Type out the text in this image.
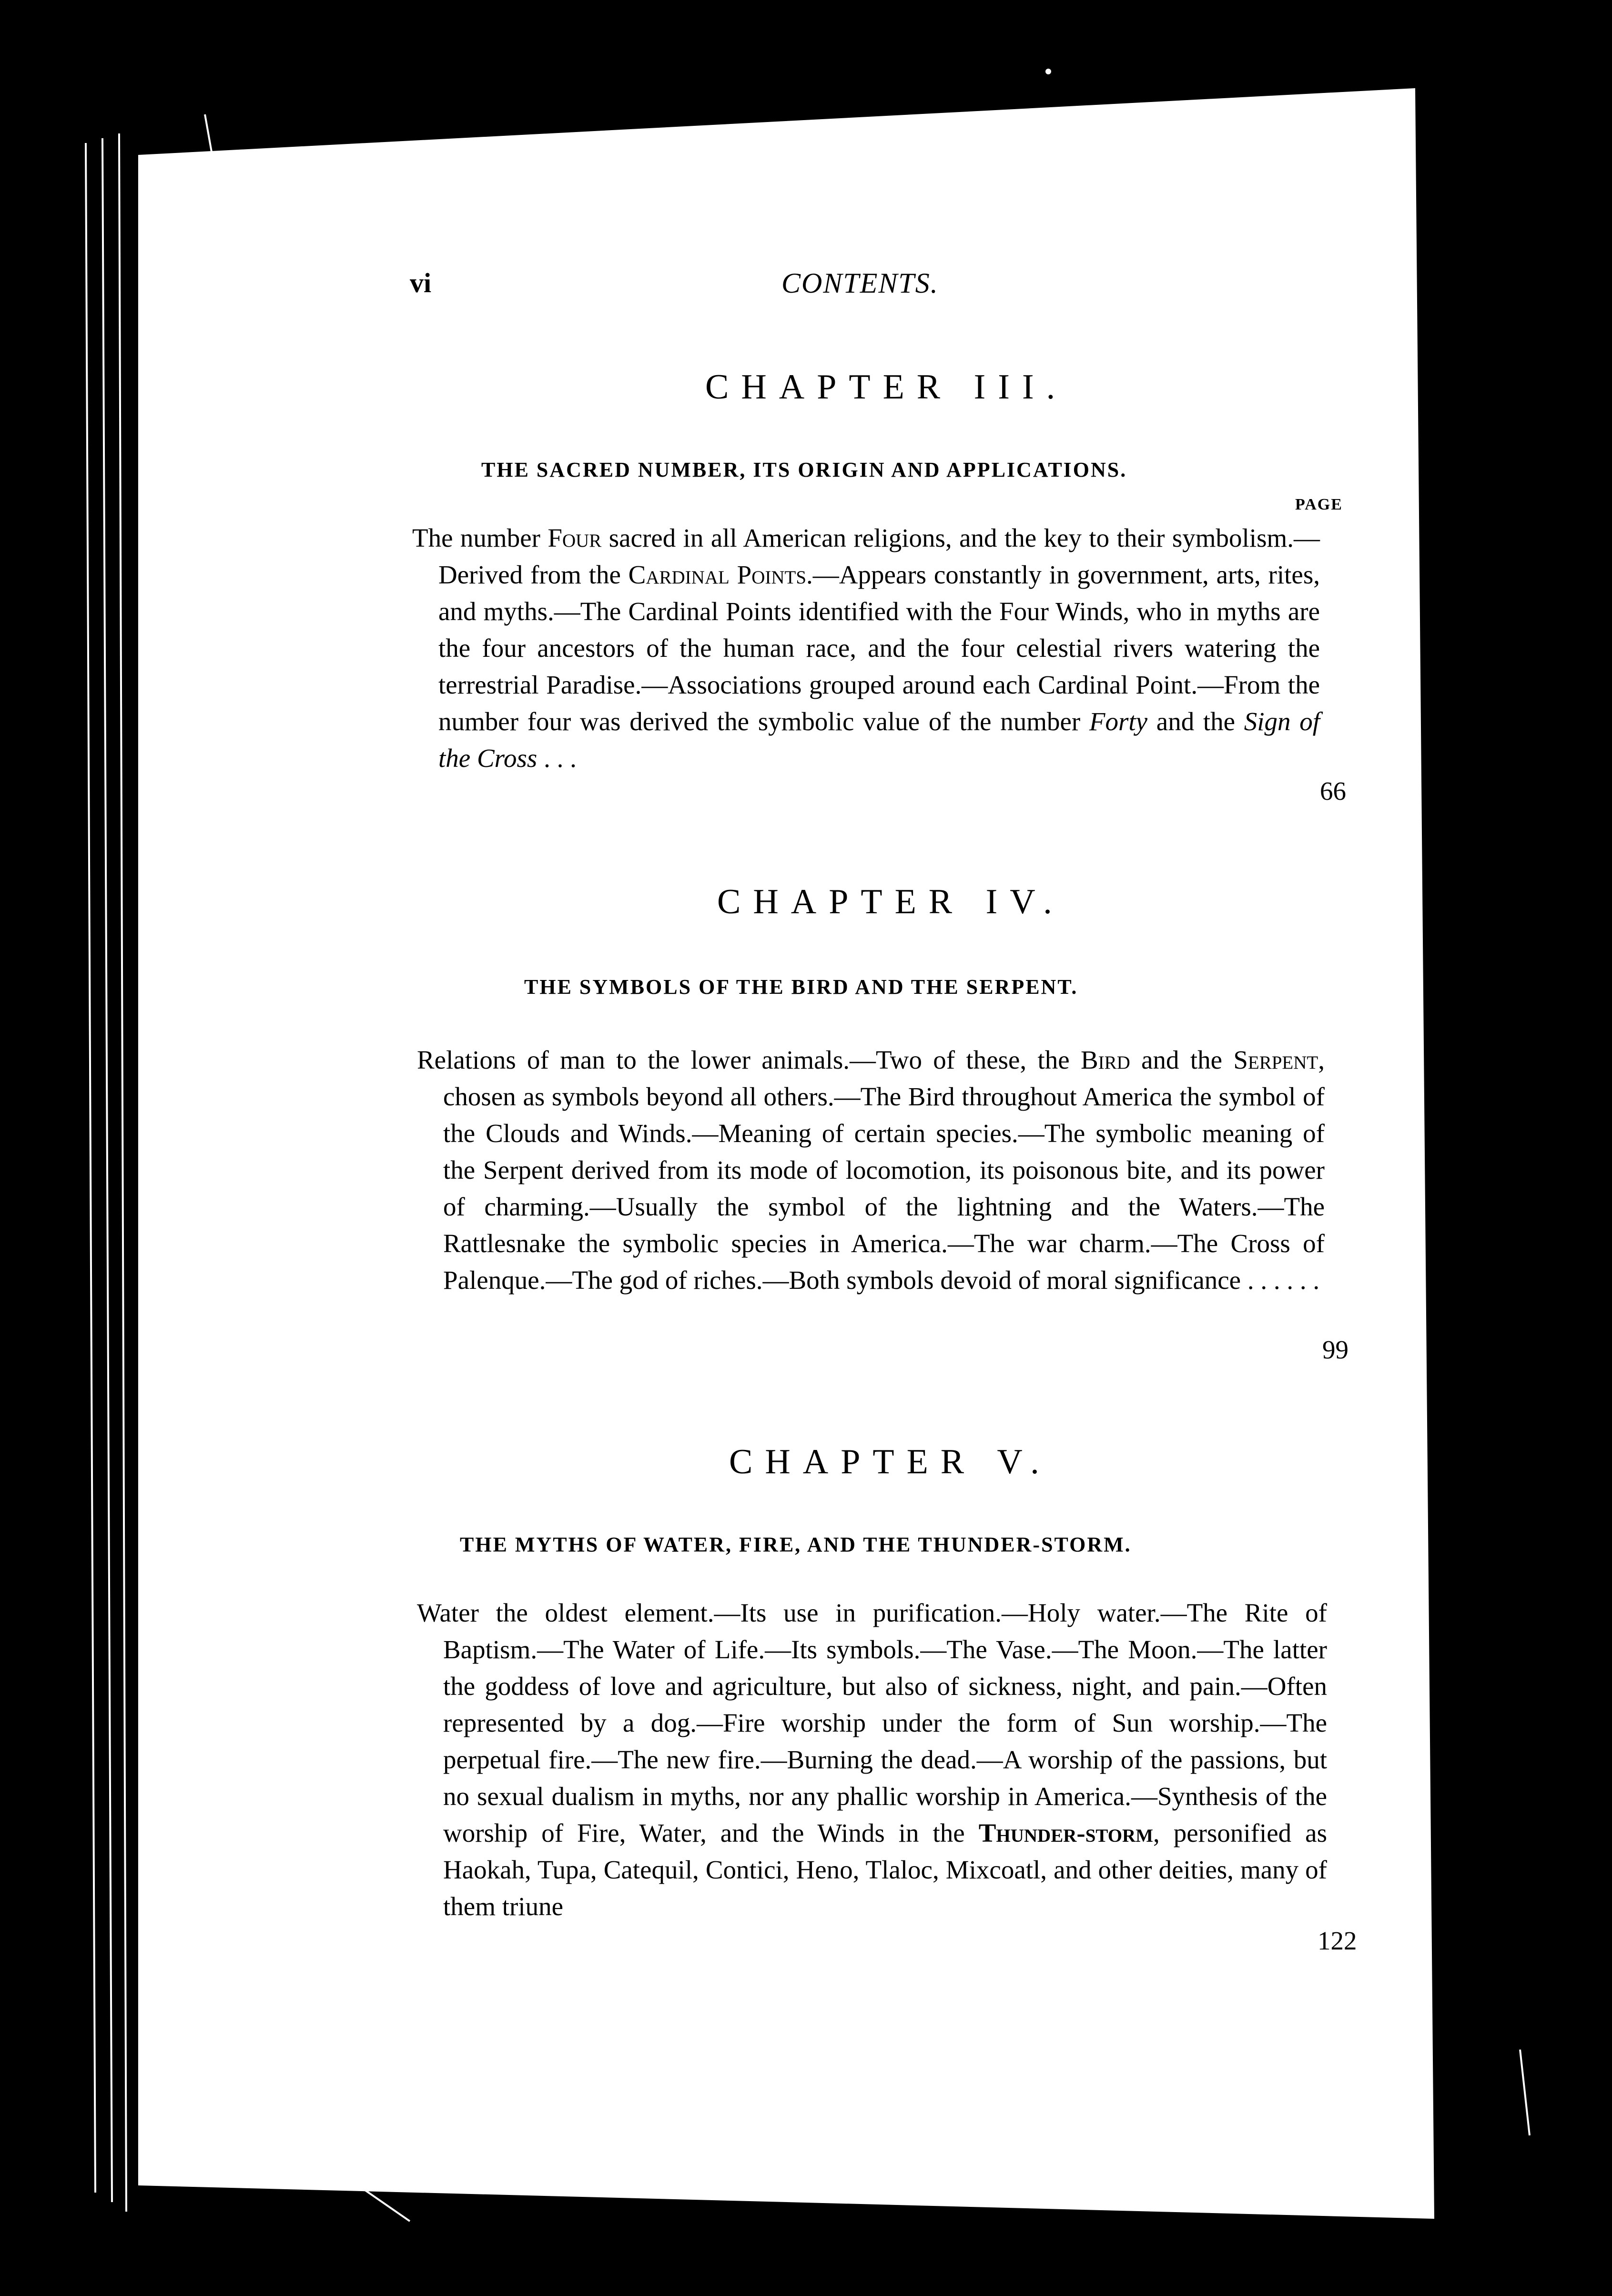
vi	CONTENTS.
CHAPTER III.
THE SACRED NUMBER, ITS ORIGIN AND APPLICATIONS.
PAGE
The number Four sacred in all American religions, and the key to their symbolism.—Derived from the Cardinal Points.—Appears constantly in government, arts, rites, and myths.—The Cardinal Points identified with the Four Winds, who in myths are the four ancestors of the human race, and the four celestial rivers watering the terrestrial Paradise.—Associations grouped around each Cardinal Point.—From the number four was derived the symbolic value of the number Forty and the Sign of the Cross . . .
66
CHAPTER IV.
THE SYMBOLS OF THE BIRD AND THE SERPENT.
Relations of man to the lower animals.—Two of these, the Bird and the Serpent, chosen as symbols beyond all others.—The Bird throughout America the symbol of the Clouds and Winds.—Meaning of certain species.—The symbolic meaning of the Serpent derived from its mode of locomotion, its poisonous bite, and its power of charming.—Usually the symbol of the lightning and the Waters.—The Rattlesnake the symbolic species in America.—The war charm.—The Cross of Palenque.—The god of riches.—Both symbols devoid of moral significance . . . . . .
99
CHAPTER V.
THE MYTHS OF WATER, FIRE, AND THE THUNDER-STORM.
Water the oldest element.—Its use in purification.—Holy water.—The Rite of Baptism.—The Water of Life.—Its symbols.—The Vase.—The Moon.—The latter the goddess of love and agriculture, but also of sickness, night, and pain.—Often represented by a dog.—Fire worship under the form of Sun worship.—The perpetual fire.—The new fire.—Burning the dead.—A worship of the passions, but no sexual dualism in myths, nor any phallic worship in America.—Synthesis of the worship of Fire, Water, and the Winds in the Thunder-storm, personified as Haokah, Tupa, Catequil, Contici, Heno, Tlaloc, Mixcoatl, and other deities, many of them triune
122
